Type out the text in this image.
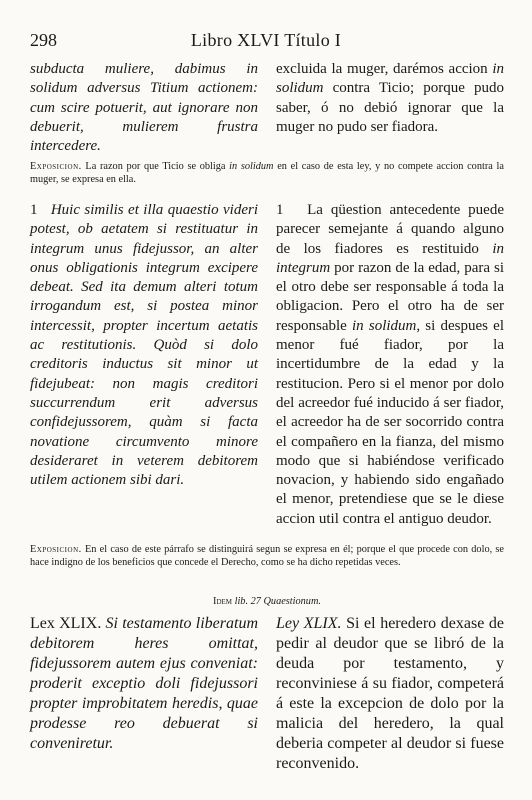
298	Libro XLVI Título I

subducta muliere, dabimus in solidum adversus Titium actionem: cum scire potuerit, aut ignorare non debuerit, mulierem frustra intercedere.

excluida la muger, darémos accion in solidum contra Ticio; porque pudo saber, ó no debió ignorar que la muger no pudo ser fiadora.

Exposicion. La razon por que Ticio se obliga in solidum en el caso de esta ley, y no compete accion contra la muger, se expresa en ella.

1 Huic similis et illa quaestio videri potest, ob aetatem si restituatur in integrum unus fidejussor, an alter onus obligationis integrum excipere debeat. Sed ita demum alteri totum irrogandum est, si postea minor intercessit, propter incertum aetatis ac restitutionis. Quòd si dolo creditoris inductus sit minor ut fidejubeat: non magis creditori succurrendum erit adversus confidejussorem, quàm si facta novatione circumvento minore desideraret in veterem debitorem utilem actionem sibi dari.

1   La qüestion antecedente puede parecer semejante á quando alguno de los fiadores es restituido in integrum por razon de la edad, para si el otro debe ser responsable á toda la obligacion. Pero el otro ha de ser responsable in solidum, si despues el menor fué fiador, por la incertidumbre de la edad y la restitucion. Pero si el menor por dolo del acreedor fué inducido á ser fiador, el acreedor ha de ser socorrido contra el compañero en la fianza, del mismo modo que si habiéndose verificado novacion, y habiendo sido engañado el menor, pretendiese que se le diese accion util contra el antiguo deudor.

Exposicion. En el caso de este párrafo se distinguirá segun se expresa en él; porque el que procede con dolo, se hace indigno de los beneficios que concede el Derecho, como se ha dicho repetidas veces.
Idem lib. 27 Quaestionum.

Lex XLIX. Si testamento liberatum debitorem heres omittat, fidejussorem autem ejus conveniat: proderit exceptio doli fidejussori propter improbitatem heredis, quae prodesse reo debuerat si conveniretur.

Ley XLIX. Si el heredero dexase de pedir al deudor que se libró de la deuda por testamento, y reconviniese á su fiador, competerá á este la excepcion de dolo por la malicia del heredero, la qual deberia competer al deudor si fuese reconvenido.
